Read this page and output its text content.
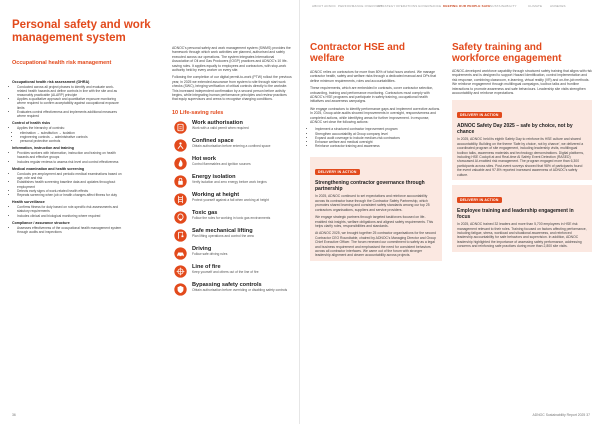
ABOUT ADNOC PERFORMANCE OVERVIEW
STRATEGY OPERATIONS GOVERNANCE KEEPING OUR PEOPLE SAFE SUSTAINABILITY	CLIMATE	ANNEXES
Personal safety and work management system
Occupational health risk management
Occupational health risk assessment (OHRA)
• Conducted across all project phases to identify and evaluate work-related health hazards and define controls in line with the site and as reasonably practicable (ALARP) principle
• Applies a qualitative approach and quantitative exposure monitoring where required to confirm acceptability against occupational exposure limits
• Evaluates control effectiveness and implements additional measures where required
Control of health risks
• Applies the hierarchy of controls:
• elimination → substitution → isolation
• engineering controls → administrative controls
• personal protective controls
Information, instruction and training
• Provides workers with information, instruction and training on health hazards and effective groups
• Includes regular reviews to assess risk level and control effectiveness
Medical examination and health screening
• Conducts pre-employment and periodic medical examinations based on age, role and risk
• Establishes health screening baseline data and updates throughout employment
• Detects early signs of work-related health effects
• Repeats screening when job or health changes affect fitness for duty
Health surveillance
• Confirms fitness for duty based on role-specific risk assessments and statutory requirements
• Includes clinical and biological monitoring where required
Compliance / assurance structure
• Assesses effectiveness of the occupational health management system through audits and inspections

ADNOC's personal safety and work management system (SWMS) provides the framework through which work activities are planned, authorised and safely executed across our operations. The system integrates International Association of Oil and Gas Producers (IOGP) practices and ADNOC's 10 life-saving rules. It applies equally to employees and contractors, with stop-work authority held by every worker on every site.

Following the completion of our digital permit-to-work (PTW) rollout the previous year, in 2025 we extended assurance from system to site through start work checks (SWC), bringing verification of critical controls directly to the worksite. This increased independent confirmation by a second person before activity begins, while integrating human performance principles and review practices that equip supervisors and crews to recognise changing conditions.

10 Life-saving rules
Work authorisation
Work with a valid permit when required
Confined space
Obtain authorisation before entering a confined space
Hot work
Control flammables and ignition sources
Energy isolation
Verify isolation and zero energy before work begins
Working at height
Protect yourself against a fall when working at height
Toxic gas
Follow the rules for working in toxic gas environments
Safe mechanical lifting
Plan lifting operations and control the area
Driving
Follow safe driving rules
Line of fire
Keep yourself and others out of the line of fire
Bypassing safety controls
Obtain authorisation before overriding or disabling safety controls
36
Contractor HSE and welfare

ADNOC relies on contractors for more than 80% of total hours worked. We manage contractor health, safety and welfare risks through a dedicated manual and DPs that define minimum requirements, roles and accountabilities.

These requirements, which are embedded in contracts, cover contractor selection, onboarding, training and performance monitoring. Contractors must comply with ADNOC's HSE programs and participate in safety training, occupational health initiatives and awareness campaigns.

We engage contractors to identify performance gaps and implement corrective actions. In 2025, Group-wide audits showed improvements in oversight, responsiveness and completed actions, while identifying areas for further improvement. In response, ADNOC set clear the following actions:

• Implement a structured contractor improvement program
• Strengthen accountability at Group company level
• Expand audit coverage to include medium-risk contractors
• Enhance welfare and medical oversight
• Reinforce contractor training and awareness
DELIVERY IN ACTION
Strengthening contractor governance through partnership

In 2025, ADNOC continued to set expectations and reinforce accountability across its contractor base through the Contractor Safety Partnership, which promotes shared learning and consistent safety standards among our top 25 contractors organisations, suppliers and service providers.

We engage strategic partners through targeted taskforces focused on life-enabled risk insights, welfare obligations and aligned safety requirements. This helps clarify roles, responsibilities and standards.

At ADNOC 2025, we brought together 25 contractor organisations for the second Contractor CEO Roundtable, chaired by ADNOC's Managing Director and Group Chief Executive Officer. The forum renewed our commitment to safety as a legal and business requirement and emphasised the need for consistent behaviors across all contractor interfaces. We came out of the forum with stronger leadership alignment and clearer accountability across projects.

Safety training and workforce engagement

ADNOC-developed workforce capability through structured safety training that aligns with risk requirements and is designed to support Hazard Identification, control implementation and risk response, combining classroom, e-learning, virtual reality (VR) and on-the-job methods. We reinforce engagement through multilingual campaigns, toolbox talks and frontline interactions to promote awareness and safe behaviours. Leadership site visits strengthen accountability and reinforce expectations.

DELIVERY IN ACTION
ADNOC Safety Day 2025 – safe by choice, not by chance

In 2025, ADNOC held its eighth Safety Day to reinforce its HSE culture and shared accountability. Building on the theme 'Safe by choice, not by chance', we delivered a coordinated program of site engagement, including leadership visits, multilingual toolbox talks, awareness materials and technology demonstrations. Digital platforms, including HSE Cockpit at and Real-time AI Safety Event Detection (RASED) showcased AI-enabled risk management. The program engaged more than 6,300 participants across sites. Post-event surveys showed that 98% of participants found the event valuable and 97.8% reported increased awareness of ADNOC's safety culture.

DELIVERY IN ACTION
Employee training and leadership engagement in focus

In 2025, ADNOC trained 32 leaders and more than 5,700 employees in HSE risk management relevant to their roles. Training focused on factors affecting performance, including fatigue, stress, workload and situational awareness, and reinforced leadership accountability for safe behaviors and supervision. In addition, ADNOC leadership highlighted the importance of assessing safety performance, addressing concerns and reinforcing safe practices during more than 2,800 site visits.

ADNOC Sustainability Report 2025 37
